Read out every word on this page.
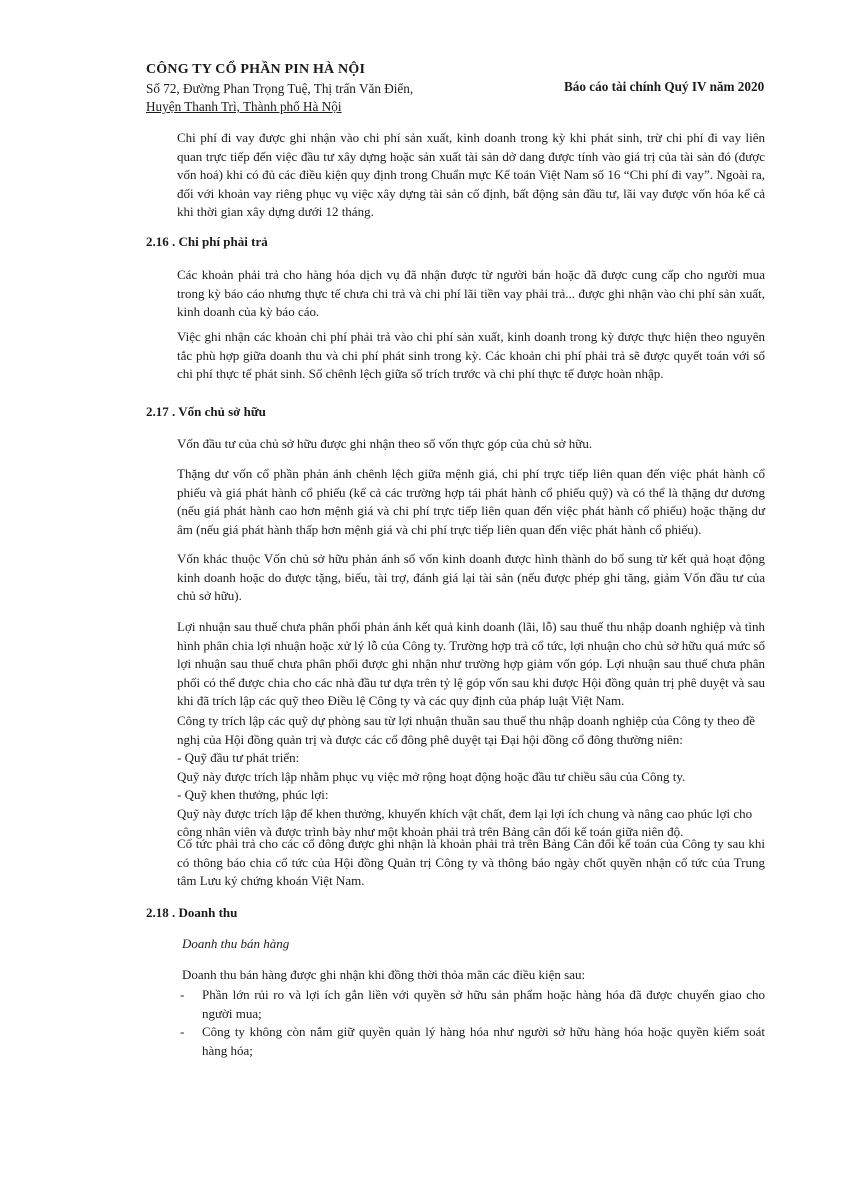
CÔNG TY CỔ PHẦN PIN HÀ NỘI
Số 72, Đường Phan Trọng Tuệ, Thị trấn Văn Điển,
Huyện Thanh Trì, Thành phố Hà Nội
Báo cáo tài chính Quý IV năm 2020

Chi phí đi vay được ghi nhận vào chi phí sản xuất, kinh doanh trong kỳ khi phát sinh, trừ chi phí đi vay liên quan trực tiếp đến việc đầu tư xây dựng hoặc sản xuất tài sản dở dang được tính vào giá trị của tài sản đó (được vốn hoá) khi có đủ các điều kiện quy định trong Chuẩn mực Kế toán Việt Nam số 16 “Chi phí đi vay”. Ngoài ra, đối với khoản vay riêng phục vụ việc xây dựng tài sản cố định, bất động sản đầu tư, lãi vay được vốn hóa kể cả khi thời gian xây dựng dưới 12 tháng.

2.16 . Chi phí phải trả

Các khoản phải trả cho hàng hóa dịch vụ đã nhận được từ người bán hoặc đã được cung cấp cho người mua trong kỳ báo cáo nhưng thực tế chưa chi trả và chi phí lãi tiền vay phải trả... được ghi nhận vào chi phí sản xuất, kinh doanh của kỳ báo cáo.

Việc ghi nhận các khoản chi phí phải trả vào chi phí sản xuất, kinh doanh trong kỳ được thực hiện theo nguyên tắc phù hợp giữa doanh thu và chi phí phát sinh trong kỳ. Các khoản chi phí phải trả sẽ được quyết toán với số chi phí thực tế phát sinh. Số chênh lệch giữa số trích trước và chi phí thực tế được hoàn nhập.

2.17 . Vốn chủ sở hữu

Vốn đầu tư của chủ sở hữu được ghi nhận theo số vốn thực góp của chủ sở hữu.

Thặng dư vốn cổ phần phản ánh chênh lệch giữa mệnh giá, chi phí trực tiếp liên quan đến việc phát hành cổ phiếu và giá phát hành cổ phiếu (kể cả các trường hợp tái phát hành cổ phiếu quỹ) và có thể là thặng dư dương (nếu giá phát hành cao hơn mệnh giá và chi phí trực tiếp liên quan đến việc phát hành cổ phiếu) hoặc thặng dư âm (nếu giá phát hành thấp hơn mệnh giá và chi phí trực tiếp liên quan đến việc phát hành cổ phiếu).

Vốn khác thuộc Vốn chủ sở hữu phản ánh số vốn kinh doanh được hình thành do bổ sung từ kết quả hoạt động kinh doanh hoặc do được tặng, biếu, tài trợ, đánh giá lại tài sản (nếu được phép ghi tăng, giảm Vốn đầu tư của chủ sở hữu).

Lợi nhuận sau thuế chưa phân phối phản ánh kết quả kinh doanh (lãi, lỗ) sau thuế thu nhập doanh nghiệp và tình hình phân chia lợi nhuận hoặc xử lý lỗ của Công ty. Trường hợp trả cổ tức, lợi nhuận cho chủ sở hữu quá mức số lợi nhuận sau thuế chưa phân phối được ghi nhận như trường hợp giảm vốn góp. Lợi nhuận sau thuế chưa phân phối có thể được chia cho các nhà đầu tư dựa trên tỷ lệ góp vốn sau khi được Hội đồng quản trị phê duyệt và sau khi đã trích lập các quỹ theo Điều lệ Công ty và các quy định của pháp luật Việt Nam.

Công ty trích lập các quỹ dự phòng sau từ lợi nhuận thuần sau thuế thu nhập doanh nghiệp của Công ty theo đề
nghị của Hội đồng quản trị và được các cổ đông phê duyệt tại Đại hội đồng cổ đông thường niên:
- Quỹ đầu tư phát triển:
Quỹ này được trích lập nhằm phục vụ việc mở rộng hoạt động hoặc đầu tư chiều sâu của Công ty.
- Quỹ khen thưởng, phúc lợi:
Quỹ này được trích lập để khen thưởng, khuyến khích vật chất, đem lại lợi ích chung và nâng cao phúc lợi cho
công nhân viên và được trình bày như một khoản phải trả trên Bảng cân đối kế toán giữa niên độ.

Cổ tức phải trả cho các cổ đông được ghi nhận là khoản phải trả trên Bảng Cân đối kế toán của Công ty sau khi có thông báo chia cổ tức của Hội đồng Quản trị Công ty và thông báo ngày chốt quyền nhận cổ tức của Trung tâm Lưu ký chứng khoán Việt Nam.

2.18 . Doanh thu
Doanh thu bán hàng
Doanh thu bán hàng được ghi nhận khi đồng thời thỏa mãn các điều kiện sau:
-	Phần lớn rủi ro và lợi ích gắn liền với quyền sở hữu sản phẩm hoặc hàng hóa đã được chuyển giao cho người mua;
-	Công ty không còn nắm giữ quyền quản lý hàng hóa như người sở hữu hàng hóa hoặc quyền kiểm soát hàng hóa;
